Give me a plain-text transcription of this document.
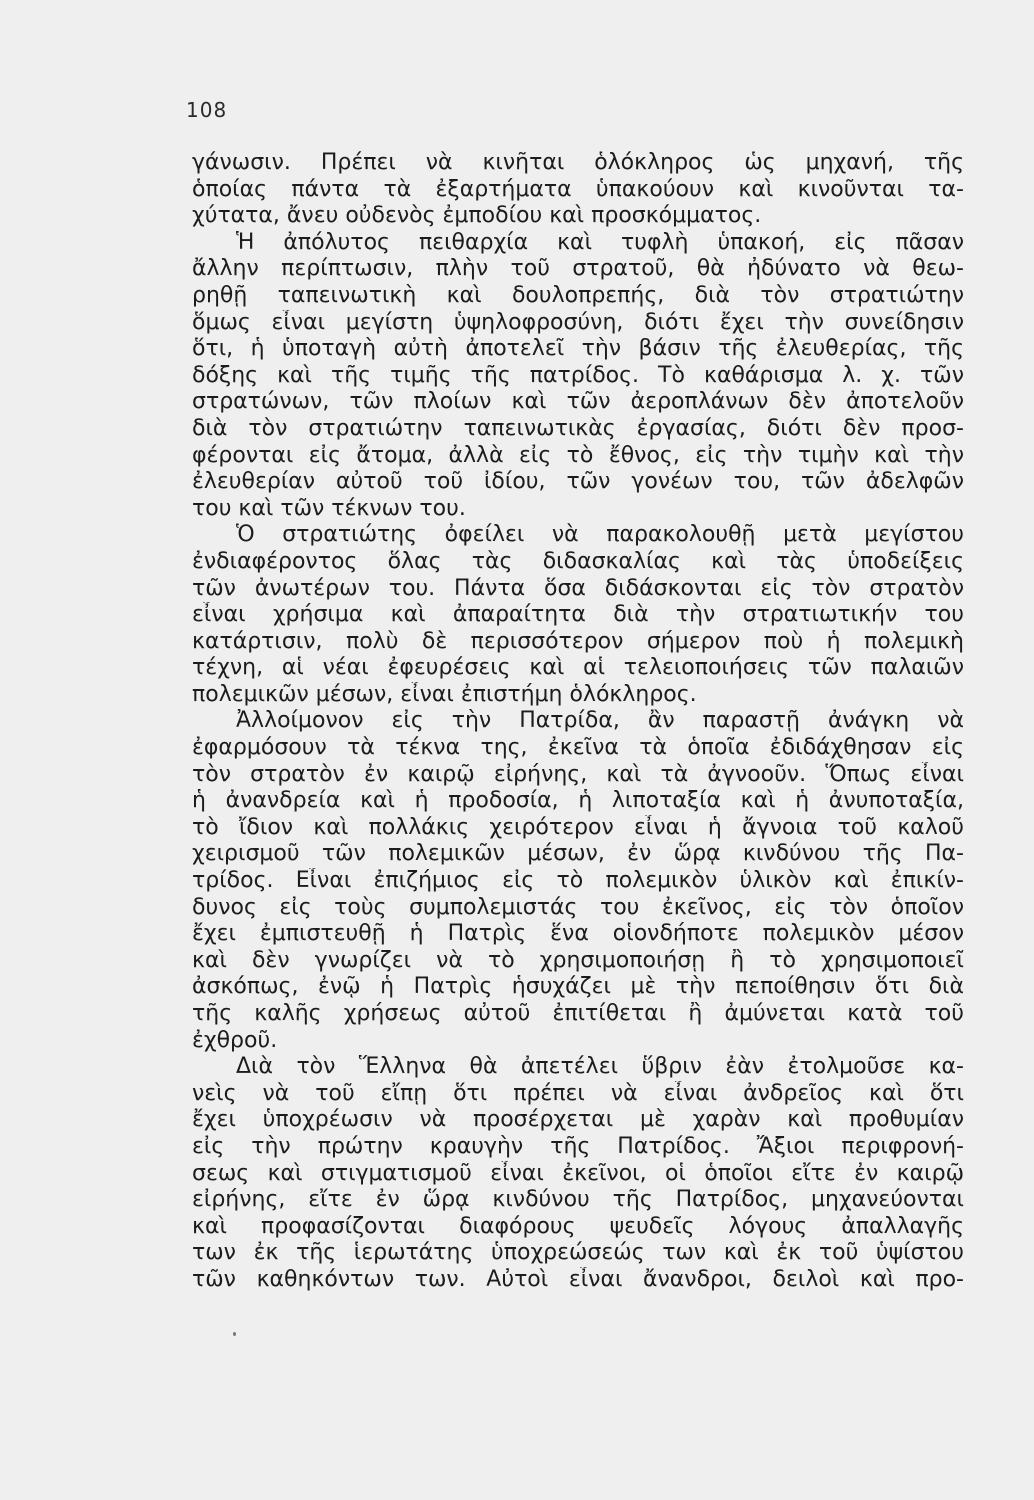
108
γάνωσιν. Πρέπει νὰ κινῆται ὁλόκληρος ὡς μηχανή, τῆς
ὁποίας πάντα τὰ ἐξαρτήματα ὑπακούουν καὶ κινοῦνται τα-
χύτατα, ἄνευ οὐδενὸς ἐμποδίου καὶ προσκόμματος.
Ἡ ἀπόλυτος πειθαρχία καὶ τυφλὴ ὑπακοή, εἰς πᾶσαν
ἄλλην περίπτωσιν, πλὴν τοῦ στρατοῦ, θὰ ἠδύνατο νὰ θεω-
ρηθῇ ταπεινωτικὴ καὶ δουλοπρεπής, διὰ τὸν στρατιώτην
ὅμως εἶναι μεγίστη ὑψηλοφροσύνη, διότι ἔχει τὴν συνείδησιν
ὅτι, ἡ ὑποταγὴ αὐτὴ ἀποτελεῖ τὴν βάσιν τῆς ἐλευθερίας, τῆς
δόξης καὶ τῆς τιμῆς τῆς πατρίδος. Τὸ καθάρισμα λ. χ. τῶν
στρατώνων, τῶν πλοίων καὶ τῶν ἀεροπλάνων δὲν ἀποτελοῦν
διὰ τὸν στρατιώτην ταπεινωτικὰς ἐργασίας, διότι δὲν προσ-
φέρονται εἰς ἄτομα, ἀλλὰ εἰς τὸ ἔθνος, εἰς τὴν τιμὴν καὶ τὴν
ἐλευθερίαν αὐτοῦ τοῦ ἰδίου, τῶν γονέων του, τῶν ἀδελφῶν
του καὶ τῶν τέκνων του.
Ὁ στρατιώτης ὀφείλει νὰ παρακολουθῇ μετὰ μεγίστου
ἐνδιαφέροντος ὅλας τὰς διδασκαλίας καὶ τὰς ὑποδείξεις
τῶν ἀνωτέρων του. Πάντα ὅσα διδάσκονται εἰς τὸν στρατὸν
εἶναι χρήσιμα καὶ ἀπαραίτητα διὰ τὴν στρατιωτικήν του
κατάρτισιν, πολὺ δὲ περισσότερον σήμερον ποὺ ἡ πολεμικὴ
τέχνη, αἱ νέαι ἐφευρέσεις καὶ αἱ τελειοποιήσεις τῶν παλαιῶν
πολεμικῶν μέσων, εἶναι ἐπιστήμη ὁλόκληρος.
Ἀλλοίμονον εἰς τὴν Πατρίδα, ἂν παραστῇ ἀνάγκη νὰ
ἐφαρμόσουν τὰ τέκνα της, ἐκεῖνα τὰ ὁποῖα ἐδιδάχθησαν εἰς
τὸν στρατὸν ἐν καιρῷ εἰρήνης, καὶ τὰ ἀγνοοῦν. Ὅπως εἶναι
ἡ ἀνανδρεία καὶ ἡ προδοσία, ἡ λιποταξία καὶ ἡ ἀνυποταξία,
τὸ ἴδιον καὶ πολλάκις χειρότερον εἶναι ἡ ἄγνοια τοῦ καλοῦ
χειρισμοῦ τῶν πολεμικῶν μέσων, ἐν ὥρᾳ κινδύνου τῆς Πα-
τρίδος. Εἶναι ἐπιζήμιος εἰς τὸ πολεμικὸν ὑλικὸν καὶ ἐπικίν-
δυνος εἰς τοὺς συμπολεμιστάς του ἐκεῖνος, εἰς τὸν ὁποῖον
ἔχει ἐμπιστευθῇ ἡ Πατρὶς ἕνα οἱονδήποτε πολεμικὸν μέσον
καὶ δὲν γνωρίζει νὰ τὸ χρησιμοποιήσῃ ἢ τὸ χρησιμοποιεῖ
ἀσκόπως, ἐνῷ ἡ Πατρὶς ἡσυχάζει μὲ τὴν πεποίθησιν ὅτι διὰ
τῆς καλῆς χρήσεως αὐτοῦ ἐπιτίθεται ἢ ἀμύνεται κατὰ τοῦ
ἐχθροῦ.
Διὰ τὸν Ἕλληνα θὰ ἀπετέλει ὕβριν ἐὰν ἐτολμοῦσε κα-
νεὶς νὰ τοῦ εἴπῃ ὅτι πρέπει νὰ εἶναι ἀνδρεῖος καὶ ὅτι
ἔχει ὑποχρέωσιν νὰ προσέρχεται μὲ χαρὰν καὶ προθυμίαν
εἰς τὴν πρώτην κραυγὴν τῆς Πατρίδος. Ἄξιοι περιφρονή-
σεως καὶ στιγματισμοῦ εἶναι ἐκεῖνοι, οἱ ὁποῖοι εἴτε ἐν καιρῷ
εἰρήνης, εἴτε ἐν ὥρᾳ κινδύνου τῆς Πατρίδος, μηχανεύονται
καὶ προφασίζονται διαφόρους ψευδεῖς λόγους ἀπαλλαγῆς
των ἐκ τῆς ἱερωτάτης ὑποχρεώσεώς των καὶ ἐκ τοῦ ὑψίστου
τῶν καθηκόντων των. Αὐτοὶ εἶναι ἄνανδροι, δειλοὶ καὶ προ-
